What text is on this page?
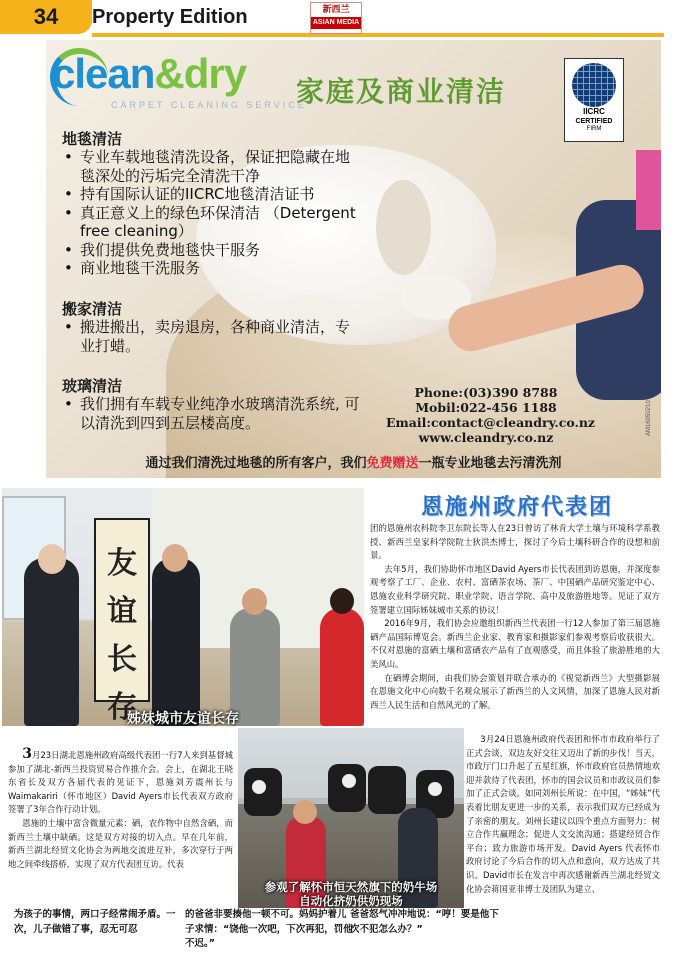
34	Property Edition	新西兰
ASIAN MEDIA
clean&dry
CARPET CLEANING SERVICE
家庭及商业清洁
IICRC
CERTIFIED
FIRM
地毯清洁
• 专业车载地毯清洗设备，保证把隐藏在地毯深处的污垢完全清洗干净
• 持有国际认证的IICRC地毯清洁证书
• 真正意义上的绿色环保清洁 （Detergent free cleaning）
• 我们提供免费地毯快干服务
• 商业地毯干洗服务
搬家清洁
• 搬进搬出，卖房退房，各种商业清洁，专业打蜡。
玻璃清洁
• 我们拥有车载专业纯净水玻璃清洗系统, 可以清洗到四到五层楼高度。
Phone:(03)390 8788
Mobil:022-456 1188
Email:contact@cleandry.co.nz
www.cleandry.co.nz
AM16050210
通过我们清洗过地毯的所有客户，我们免费赠送一瓶专业地毯去污清洗剂
友谊长存
姊妹城市友谊长存
恩施州政府代表团

团的恩施州农科院李卫东院长等人在23日曾访了林肯大学土壤与环境科学系教授、新西兰皇家科学院院士狄洪杰博士，探讨了今后土壤科研合作的设想和前景。

去年5月，我们协助怀市地区David Ayers市长代表团到访恩施，并深度参观考察了工厂、企业、农村、富硒茶农场、茶厂、中国硒产品研究鉴定中心、恩施农业科学研究院、职业学院、语言学院、高中及旅游胜地等。见证了双方签署建立国际姊妹城市关系的协议！

2016年9月，我们协会应邀组织新西兰代表团一行12人参加了第三届恩施硒产品国际博览会。新西兰企业家、教育家和摄影家们参观考察后收获很大。不仅对恩施的富硒土壤和富硒农产品有了直观感受，而且体验了旅游胜地的大美风山。

在硒博会期间，由我们协会策划并联合承办的《视觉新西兰》大型摄影展在恩施文化中心向数千名观众展示了新西兰的人文风情，加深了恩施人民对新西兰人民生活和自然风光的了解。

3月24日恩施州政府代表团和怀市市政府举行了正式会谈，双边友好交往又迈出了新的步伐！当天，市政厅门口升起了五星红旗，怀市政府官员热情地欢迎并款待了代表团，怀市的国会议员和市政议员们参加了正式会谈。如同刘州长所说：在中国，“姊妹”代表着比朋友更进一步的关系，表示我们双方已经成为了亲密的朋友。刘州长建议以四个重点方面努力：树立合作共赢理念；促进人文交流沟通；搭建经贸合作平台；致力旅游市场开发。David Ayers 代表怀市政府讨论了今后合作的切入点和意向，双方达成了共识。David市长在发言中再次感谢新西兰湖北经贸文化协会蒋国亚非博士及团队为建立、

3月23日湖北恩施州政府高级代表团一行7人来到基督城参加了湖北-新西兰投资贸易合作推介会。会上，在湖北王晓东省长及双方各届代表的见证下，恩施刘芳震州长与Waimakariri（怀市地区）David Ayers市长代表双方政府签署了3年合作行动计划。

恩施的土壤中富含微量元素：硒，农作物中自然含硒，而新西兰土壤中缺硒。这是双方对接的切入点。早在几年前，新西兰湖北经贸文化协会为两地交流进互补，多次穿行于两地之间牵线搭桥，实现了双方代表团互访。代表

参观了解怀市恒天然旗下的奶牛场
自动化挤奶供奶现场
为孩子的事情，两口子经常闹矛盾。一次，儿子做错了事，忍无可忍
的爸爸非要揍他一顿不可。妈妈护着儿子求情：“饶他一次吧，下次再犯，罚他不迟。”
爸爸怒气冲冲地说：“哼！要是他下次不犯怎么办？”
